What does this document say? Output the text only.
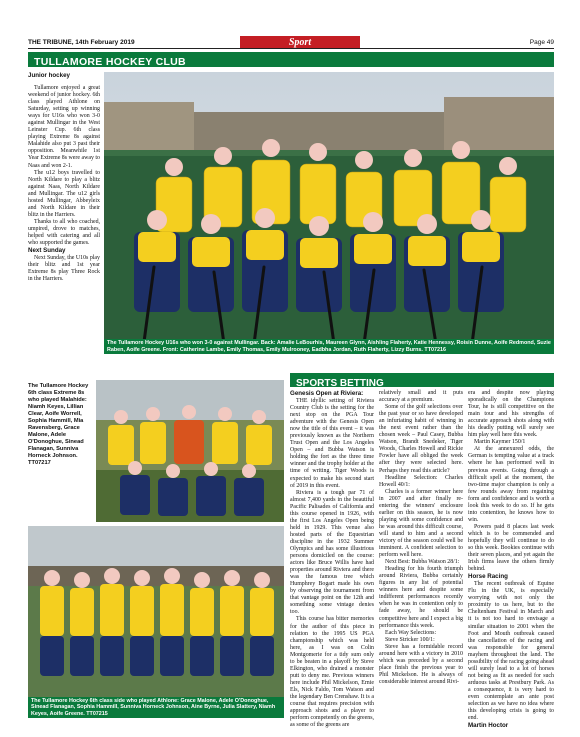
THE TRIBUNE, 14th February 2019	Sport	Page 49
TULLAMORE HOCKEY CLUB
Junior hockey
Tullamore enjoyed a great weekend of junior hockey. 6th class played Athlone on Saturday, setting up winning ways for U16s who won 3-0 against Mullingar in the West Leinster Cup. 6th class playing Extreme 8s against Malahide also put 3 past their opposition. Meanwhile 1st Year Extreme 8s were away to Naas and won 2-1.
The u12 boys travelled to North Kildare to play a blitz against Naas, North Kildare and Mullingar. The u12 girls hosted Mullingar, Abbeyleix and North Kildare in their blitz in the Harriers.
Thanks to all who coached, umpired, drove to matches, helped with catering and all who supported the games.
Next Sunday
Next Sunday, the U10s play their blitz and 1st year Extreme 8s play Three Rock in the Harriers.
The Tullamore Hockey U16s who won 3-0 against Mullingar. Back: Amalie LeBourhis, Maureen Glynn, Aishling Flaherty, Katie Hennessy, Roisin Dunne, Aoife Redmond, Suzie Raben, Aoife Greene. Front: Catherine Lambe, Emily Thomas, Emily Mulrooney, Eadbha Jordan, Ruth Flaherty, Lizzy Burns. TT07216
The Tullamore Hockey 6th class Extreme 8s who played Malahide: Niamh Keyes, Lillian Clear, Aoife Worrell, Sophia Hammill, Mia Ravensberg, Grace Malone, Adele O'Donoghue, Sinead Flanagan, Sunniva Horneck Johnson. TT07217
The Tullamore Hockey 6th class side who played Athlone: Grace Malone, Adele O'Donoghue, Sinead Flanagan, Sophia Hammill, Sunniva Horneck Johnson, Aine Byrne, Julia Slattery, Niamh Keyes, Aoife Greene. TT07215
SPORTS BETTING
Genesis Open at Riviera:
THE idyllic setting of Riviera Country Club is the setting for the next stop on the PGA Tour adventure with the Genesis Open now the title of this event – it was previously known as the Northern Trust Open and the Los Angeles Open – and Bubba Watson is holding the fort as the three time winner and the trophy holder at the time of writing. Tiger Woods is expected to make his second start of 2019 in this event.
Riviera is a tough par 71 of almost 7,400 yards in the beautiful Pacific Palisades of California and this course opened in 1926, with the first Los Angeles Open being held in 1929. This venue also hosted parts of the Equestrian discipline in the 1932 Summer Olympics and has some illustrious persons domiciled on the course: actors like Bruce Willis have had properties around Riviera and there was the famous tree which Humphrey Bogart made his own by observing the tournament from that vantage point on the 12th and something some vintage denies too.
This course has bitter memories for the author of this piece in relation to the 1995 US PGA championship which was held here, as I was on Colin Montgomerie for a tidy sum only to be beaten in a playoff by Steve Elkington, who drained a monster putt to deny me. Previous winners here include Phil Mickelson, Ernie Els, Nick Faldo, Tom Watson and the legendary Ben Crenshaw. It is a course that requires precision with approach shots and a player to perform competently on the greens, as some of the greens are
relatively small and it puts accuracy at a premium.
Some of the golf selections over the past year or so have developed an infuriating habit of winning in the next event rather than the chosen week – Paul Casey, Bubba Watson, Brandt Snedeker, Tiger Woods, Charles Howell and Rickie Fowler have all obliged the week after they were selected here. Perhaps they read this article?
Headline Selection: Charles Howell 40/1:
Charles is a former winner here in 2007 and after finally re-entering the winners' enclosure earlier on this season, he is now playing with some confidence and he was around this difficult course, will stand to him and a second victory of the season could well be imminent. A confident selection to perform well here.
Next Best: Bubba Watson 28/1:
Heading for his fourth triumph around Riviera, Bubba certainly figures in any list of potential winners here and despite some indifferent performances recently when he was in contention only to fade away, he should be competitive here and I expect a big performance this week.
Each Way Selections:
Steve Stricker 100/1:
Steve has a formidable record around here with a victory in 2010 which was preceded by a second place finish the previous year to Phil Mickelson. He is always of considerable interest around Rivi-
era and despite now playing sporadically on the Champions Tour, he is still competitive on the main tour and his strengths of accurate approach shots along with his deadly putting will surely see him play well here this week.
Martin Kaymer 150/1
At the annexured odds, the German is tempting value at a track where he has performed well in previous events. Going through a difficult spell at the moment, the two-time major champion is only a few rounds away from regaining form and confidence and is worth a look this week to do so. If he gets into contention, he knows how to win.
Powers paid 8 places last week which is to be commended and hopefully they will continue to do so this week. Bookies continue with their seven places, and yet again the Irish firms leave the others firmly behind.
Horse Racing
The recent outbreak of Equine Flu in the UK, is especially worrying with not only the proximity to us here, but to the Cheltenham Festival in March and it is not too hard to envisage a similar situation to 2001 when the Foot and Mouth outbreak caused the cancellation of the racing and was responsible for general mayhem throughout the land. The possibility of the racing going ahead will surely lead to a lot of horses not being as fit as needed for such arduous tasks at Prestbury Park. As a consequence, it is very hard to even contemplate an ante post selection as we have no idea where this developing crisis is going to end.
Martin Hoctor
